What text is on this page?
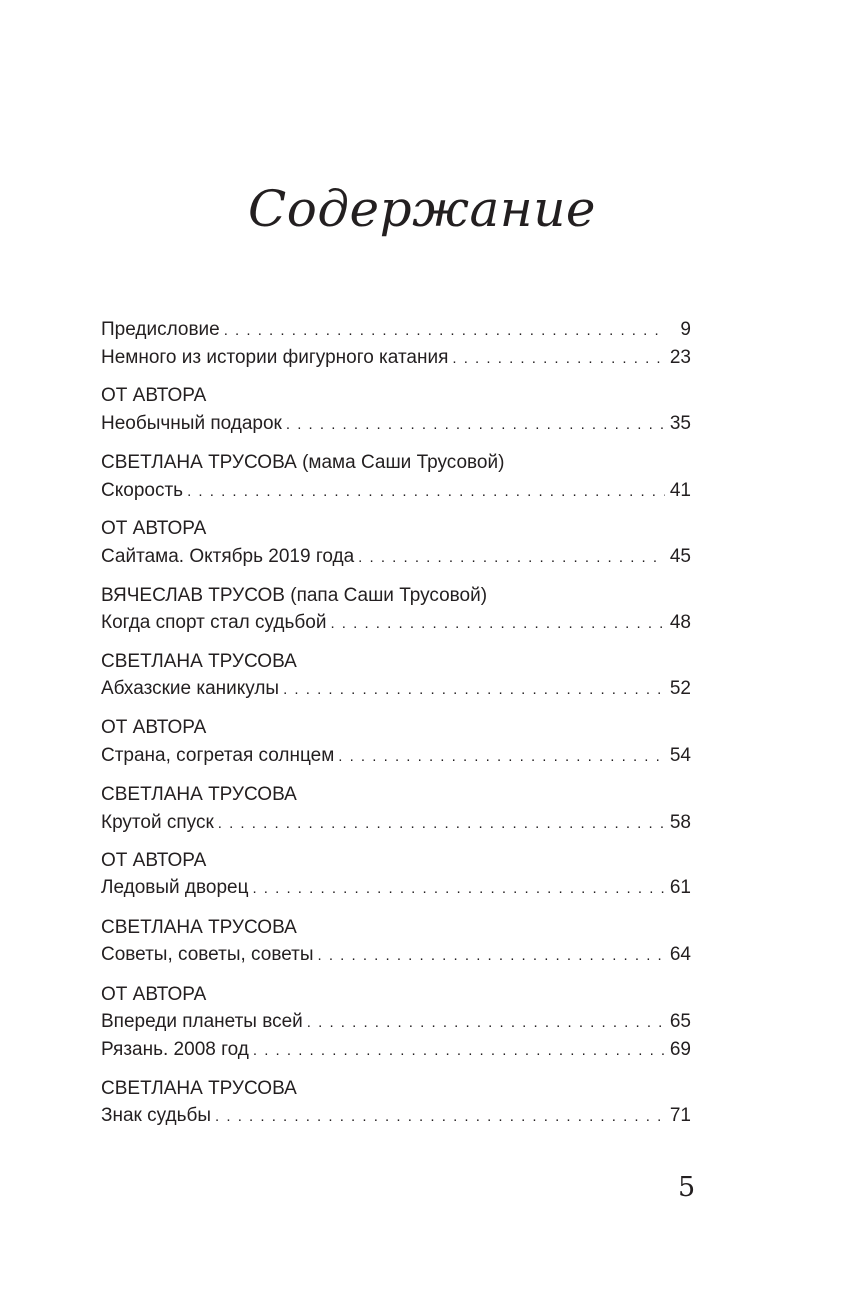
Содержание
Предисловие . . .	9
Немного из истории фигурного катания . . .	23
ОТ АВТОРА
Необычный подарок . . .	35
СВЕТЛАНА ТРУСОВА (мама Саши Трусовой)
Скорость . . .	41
ОТ АВТОРА
Сайтама. Октябрь 2019 года . . .	45
ВЯЧЕСЛАВ ТРУСОВ (папа Саши Трусовой)
Когда спорт стал судьбой . . .	48
СВЕТЛАНА ТРУСОВА
Абхазские каникулы . . .	52
ОТ АВТОРА
Страна, согретая солнцем . . .	54
СВЕТЛАНА ТРУСОВА
Крутой спуск . . .	58
ОТ АВТОРА
Ледовый дворец . . .	61
СВЕТЛАНА ТРУСОВА
Советы, советы, советы . . .	64
ОТ АВТОРА
Впереди планеты всей . . .	65
Рязань. 2008 год . . .	69
СВЕТЛАНА ТРУСОВА
Знак судьбы . . .	71
5
